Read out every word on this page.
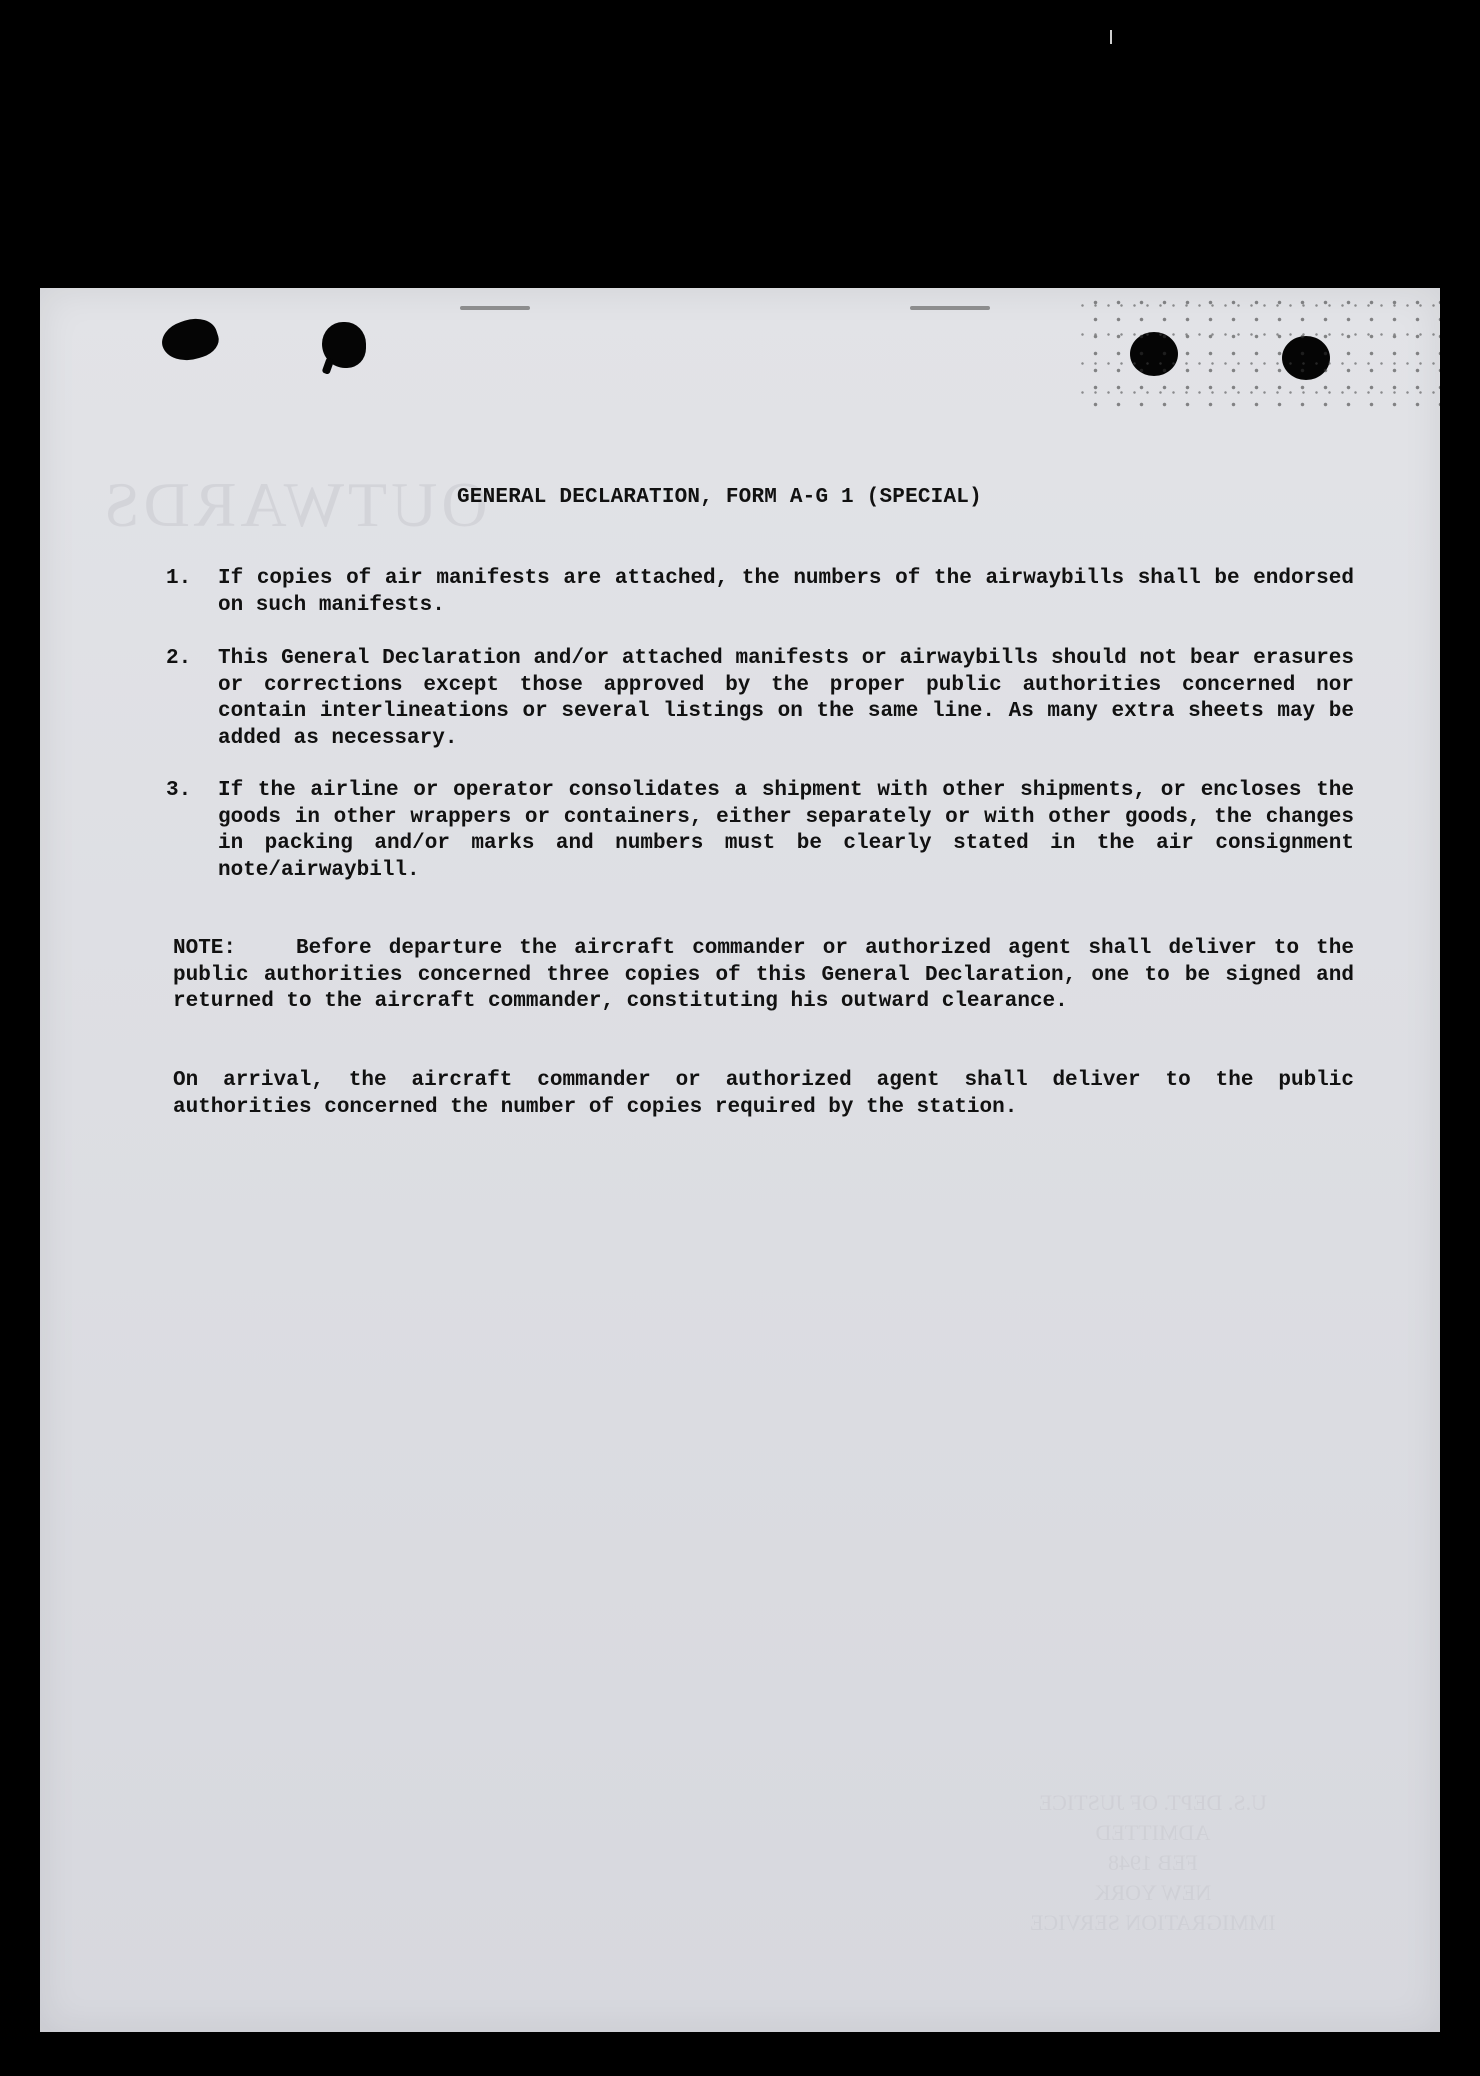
OUTWARDS
U.S. DEPT. OF JUSTICE
ADMITTED
FEB 1948
NEW YORK
IMMIGRATION SERVICE
GENERAL DECLARATION, FORM A-G 1 (SPECIAL)
1.	If copies of air manifests are attached, the numbers of the airwaybills shall be endorsed on such manifests.
2.	This General Declaration and/or attached manifests or airwaybills should not bear erasures or corrections except those approved by the proper public authorities concerned nor contain interlineations or several listings on the same line. As many extra sheets may be added as necessary.
3.	If the airline or operator consolidates a shipment with other shipments, or encloses the goods in other wrappers or containers, either separately or with other goods, the changes in packing and/or marks and numbers must be clearly stated in the air consignment note/airwaybill.
NOTE:	Before departure the aircraft commander or authorized agent shall deliver to the public authorities concerned three copies of this General Declaration, one to be signed and returned to the aircraft commander, constituting his outward clearance.
On arrival, the aircraft commander or authorized agent shall deliver to the public authorities concerned the number of copies required by the station.
